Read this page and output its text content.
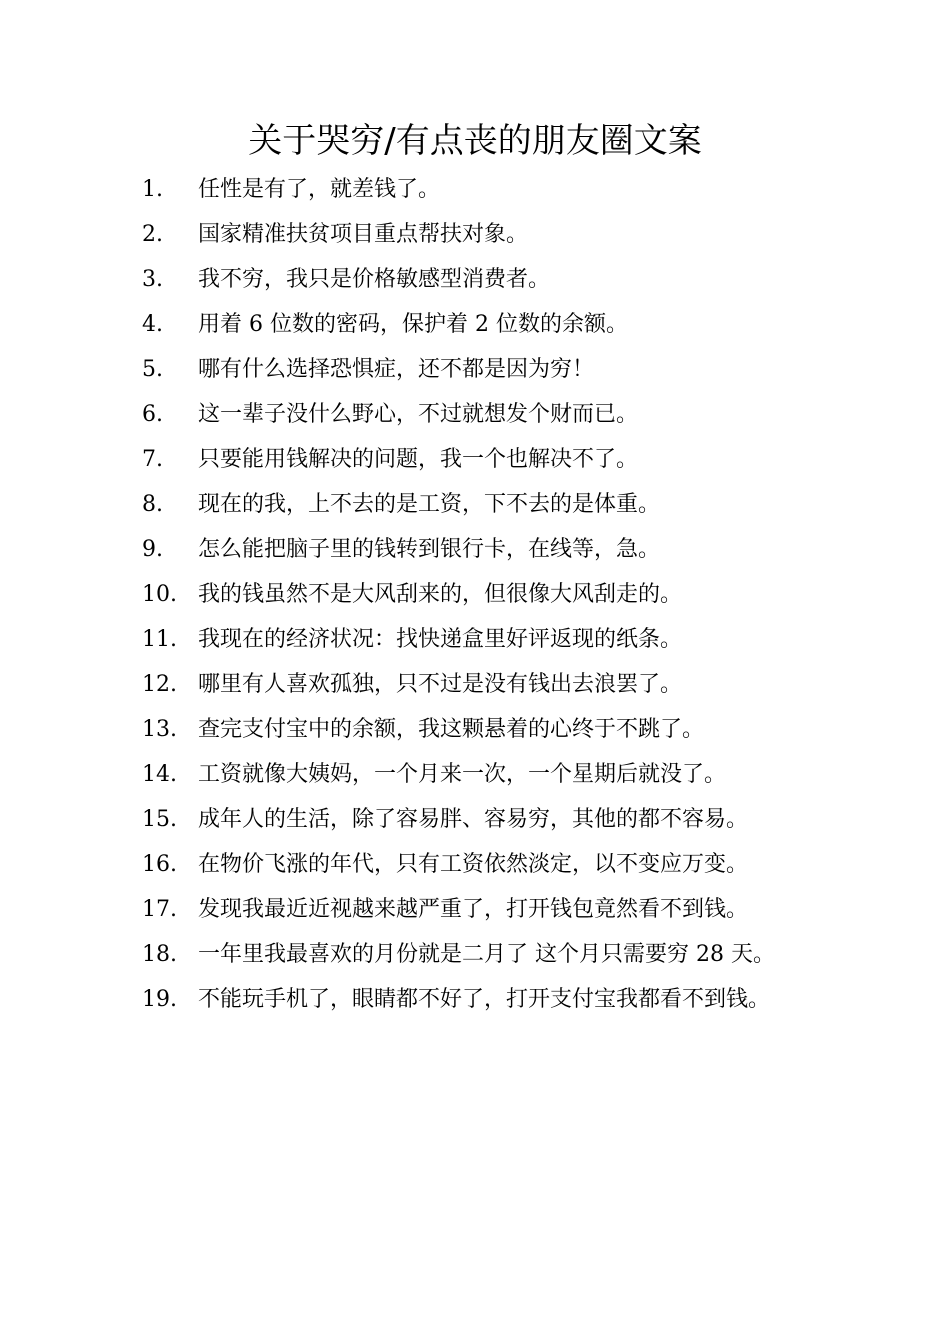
关于哭穷/有点丧的朋友圈文案
1.	任性是有了，就差钱了。
2.	国家精准扶贫项目重点帮扶对象。
3.	我不穷，我只是价格敏感型消费者。
4.	用着 6 位数的密码，保护着 2 位数的余额。
5.	哪有什么选择恐惧症，还不都是因为穷！
6.	这一辈子没什么野心，不过就想发个财而已。
7.	只要能用钱解决的问题，我一个也解决不了。
8.	现在的我，上不去的是工资，下不去的是体重。
9.	怎么能把脑子里的钱转到银行卡，在线等，急。
10. 我的钱虽然不是大风刮来的，但很像大风刮走的。
11. 我现在的经济状况：找快递盒里好评返现的纸条。
12. 哪里有人喜欢孤独，只不过是没有钱出去浪罢了。
13. 查完支付宝中的余额，我这颗悬着的心终于不跳了。
14. 工资就像大姨妈，一个月来一次，一个星期后就没了。
15. 成年人的生活，除了容易胖、容易穷，其他的都不容易。
16. 在物价飞涨的年代，只有工资依然淡定，以不变应万变。
17. 发现我最近近视越来越严重了，打开钱包竟然看不到钱。
18. 一年里我最喜欢的月份就是二月了 这个月只需要穷 28 天。
19. 不能玩手机了，眼睛都不好了，打开支付宝我都看不到钱。
